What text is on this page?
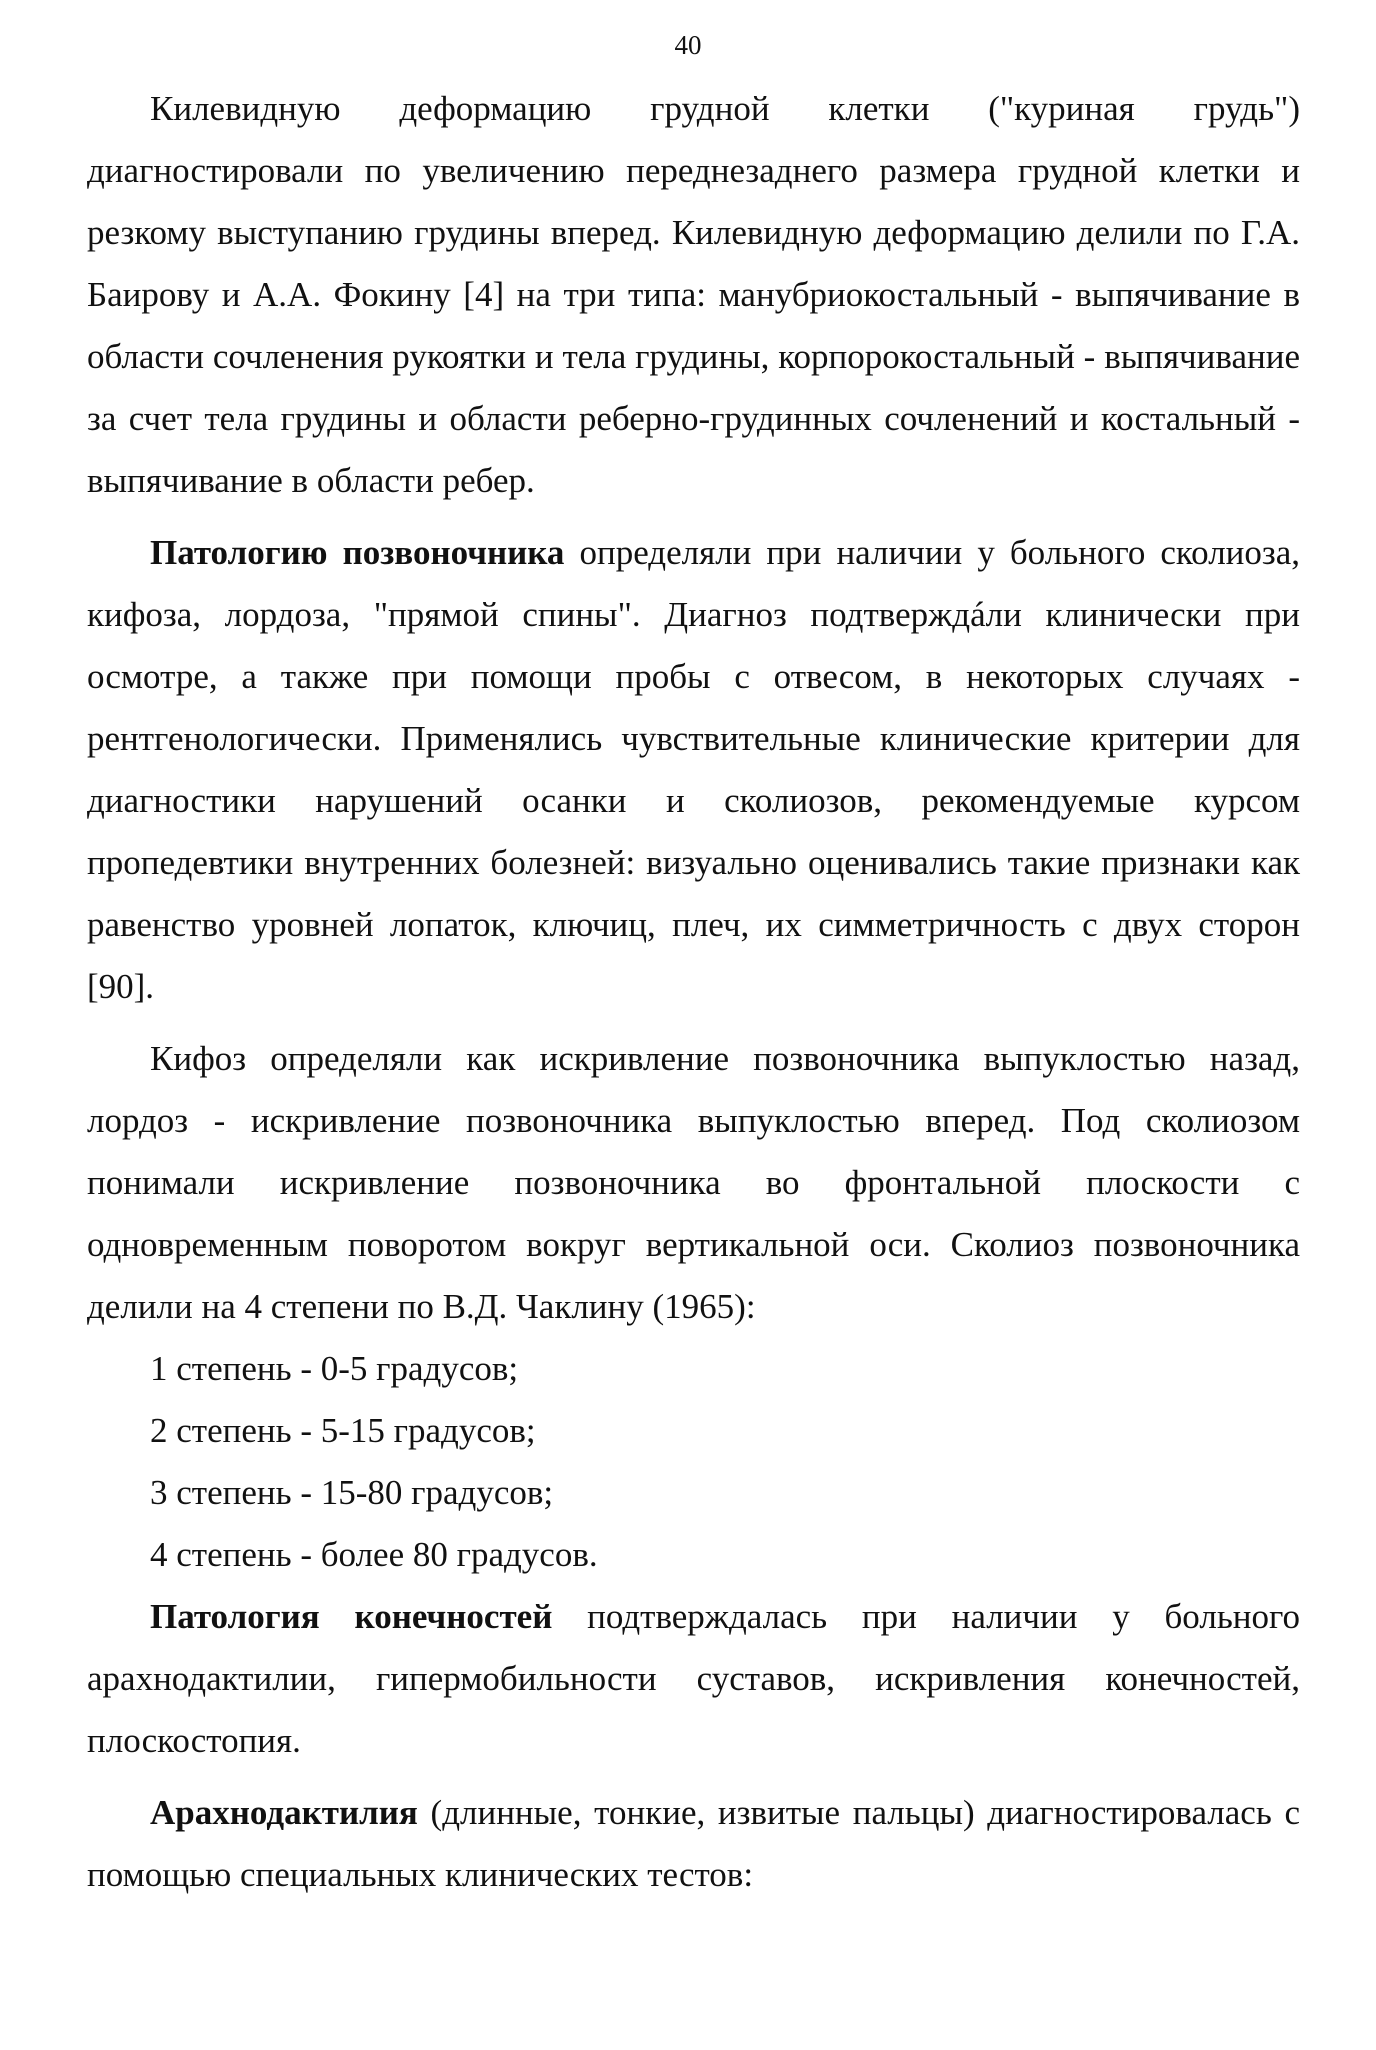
40

Килевидную деформацию грудной клетки ("куриная грудь") диагностировали по увеличению переднезаднего размера грудной клетки и резкому выступанию грудины вперед. Килевидную деформацию делили по Г.А. Баирову и А.А. Фокину [4] на три типа: манубриокостальный - выпячивание в области сочленения рукоятки и тела грудины, корпорокостальный - выпячивание за счет тела грудины и области реберно-грудинных сочленений и костальный - выпячивание в области ребер.

Патологию позвоночника определяли при наличии у больного сколиоза, кифоза, лордоза, "прямой спины". Диагноз подтверждáли клинически при осмотре, а также при помощи пробы с отвесом, в некоторых случаях - рентгенологически. Применялись чувствительные клинические критерии для диагностики нарушений осанки и сколиозов, рекомендуемые курсом пропедевтики внутренних болезней: визуально оценивались такие признаки как равенство уровней лопаток, ключиц, плеч, их симметричность с двух сторон [90].

Кифоз определяли как искривление позвоночника выпуклостью назад, лордоз - искривление позвоночника выпуклостью вперед. Под сколиозом понимали искривление позвоночника во фронтальной плоскости с одновременным поворотом вокруг вертикальной оси. Сколиоз позвоночника делили на 4 степени по В.Д. Чаклину (1965):

1 степень - 0-5 градусов;
2 степень - 5-15 градусов;
3 степень - 15-80 градусов;
4 степень - более 80 градусов.

Патология конечностей подтверждалась при наличии у больного арахнодактилии, гипермобильности суставов, искривления конечностей, плоскостопия.

Арахнодактилия (длинные, тонкие, извитые пальцы) диагностировалась с помощью специальных клинических тестов:
